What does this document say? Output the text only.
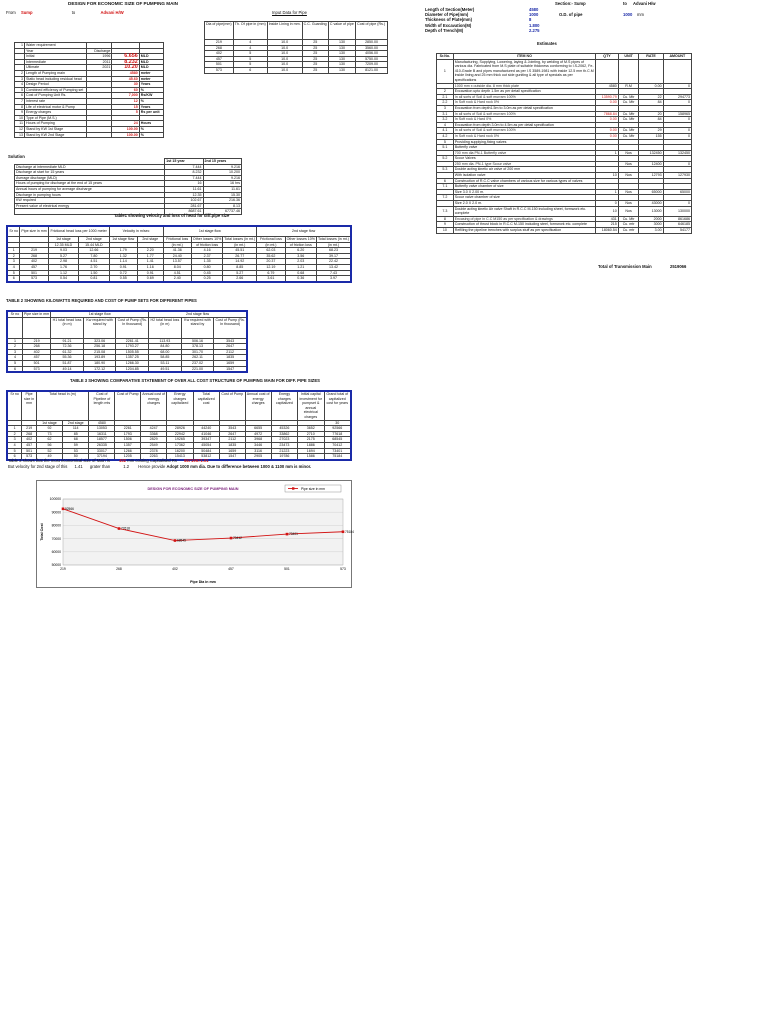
DESIGN FOR ECONOMIC SIZE OF PUMPING MAIN
From Sump	to	Advani H/W	Input Data for Pipe
Dia of pipe(mm)	Th. Of pipe in (mm)	Inside Lining in mm.	C.C. Guarding	C value of pipe	Cost of pipe (Rs.)
219	4	10.0	25	130	2850.00
268	4	10.0	25	130	3560.00
402	5	10.0	25	130	4056.00
457	5	10.0	25	130	5750.00
501	5	10.0	25	130	7209.00
573	6	10.0	25	130	8121.00
1	Water requirement			
	Year	Discharge		
	Initial	1996	6.656	MLD
	Intermediate	2011	8.232	MLD
	Ultimate	2021	10.20	MLD
2	Length of Pumping main		4580	meter
3	Static head including residual head		45.60	meter
4	Design Period		30	Years
5	Combined efficiency of Pumping set		60	%
6	Cost of Pumping Unit Rs.		7,000	Rs/KW
7	Interest rate		12	%
8	Life of electrical motor & Pump		15	Years
9	Energy charges		5	Rs per unit
10	Type of Pipe (M.S.)			
11	Hours of Pumping		24	Hours
12	Stand by KW 1st Stage		100.00	%
13	Stand by KW 2nd Stage		100.00	%
Solution
	1st 15 year	2nd 15 years
Discharge at intermediate MLD	7.444	9.216
Discharge at start for 15 years	8.232	10.200
Average discharge (MLD)	7.444	9.216
Hours of pumping for discharge at the end of 15 years	16	16 hrs
Annual hours of pumping for average discharge	11.61	11.61
Discharge in pumping hours	12.35	15.30
KW required	102.67	216.36
Present value of electrical energy	281.67	8.13
	8687.61	67737.46
Table1 showing velocity and loss of head for diff.pipe size
Sr no	Pipe size in mm	Frictional head loss per 1000 meter		Velocity in m/sec		1st stage flow			2nd stage flow		
		1st stage	2nd stage	1st stage flow	2nd stage	Frictional loss	Other losses 10%	Total losses (in mt.)	Frictional loss	Other losses 10%	Total losses (in mt.)
		12.35 MLD	15.44 MLD			(in mt.)	of friction loss	(in mt.)	(in mt.)	of friction loss	(in mt.)
1	219	9.03	12.66	1.79	2.20	41.36	4.16	45.51	62.03	6.20	68.23
2	268	5.27	7.80	1.32	1.77	24.40	2.37	26.77	35.62	3.56	39.17
3	402	2.98	4.51	1.14	1.41	13.57	1.35	14.92	20.37	2.03	22.42
4	457	1.76	2.70	0.91	1.16	8.04	0.80	8.85	12.19	1.21	13.42
5	501	1.12	1.50	0.72	0.91	4.51	0.45	5.27	6.79	0.68	7.43
6	573	0.54	0.81	0.55	0.69	2.40	0.25	2.66	3.61	0.36	3.97
TABLE 2 SHOWING KILOWATTS REQUIRED AND COST OF PUMP SETS FOR DIFFERENT PIPES
Sr no	Pipe size in mm	1st stage flow			2nd stage flow		
		H1 total head loss (in m)	Kw required with stand by	Cost of Pump (Rs. In thousand)	H2 total head loss (in m)	Kw required with stand by	Cost of Pump (Rs. In thousand)
1	219	91.21	323.06	2261.41	113.93	506.16	3543
2	268	72.36	256.18	1793.27	84.80	378.13	2647
3	402	61.32	215.08	1505.55	68.00	301.70	2112
4	457	55.36	193.89	1357.25	58.85	262.11	1835
5	501	51.87	180.90	1266.30	53.11	237.02	1659
6	573	49.14	172.12	1204.85	49.51	221.00	1547
TABLE 3 SHOWING COMPARATIVE STATEMENT OF OVER ALL COST STRUCTURE OF PUMPING MAIN FOR DIFF. PIPE SIZES
Sr no	Pipe size in mm	Total head in (m)		Cost of Pipeline of length mts	Cost of Pump	Annual cost of energy charges	Energy charges capitalized	Total capitalized cost	Cost of Pump	Annual cost of energy charges	Energy charges capitalized	Initial capital investment for pumpset & annual electrical charges	Grand total of capitalized cost for years
		1st stage	2nd stage	4580									30
1	219	92	114	13053	2261	4247	28926	44240	3543	6655	45326	3652	92566
2	268	73	85	16311	1793	3368	22942	41046	2647	4972	33862	2710	77618
3	402	62	68	18577	1506	2829	19265	39347	2112	3968	27023	2175	68545
4	457	56	59	26335	1357	2549	17362	45054	1835	3446	23473	1886	70412
5	501	52	53	33017	1266	2378	16200	50484	1659	3116	21223	1694	73401
6	573	49	50	37194	1205	2263	15413	53812	1547	2905	19786	1586	75184
Table 3 shows that the most economical size of Main is 402 mm costing Capitalised Rs 68719671.01
But velocity for 2nd stage of this 1.41 grater than	1.2 Hence provide Adopt 1000 mm dia. Due to difference between 1000 & 1100 mm is minor.
100000
90000
80000
70000
60000
50000
219	268	402	457	501	573
DESIGN FOR ECONOMIC SIZE OF PUMPING MAIN
Pipe Dia in mm
Total Cost
92566
77618
68545
70412
73401
75184
Pipe size in mm
Section:- Sump	to Advani H/w
Length of Section(Meter)	4580
Diameter of Pipe(mm)	1000	O.D. of pipe	1000 mm
Thickness of Plate(mm)	8
Width of Excavation(M)	1.800
Depth of Trench(M)	2.275
Estimates
Sr.No.	ITEM NO	QTY	UNIT	RATE	AMOUNT
1	Manufacturing, Supplying, Lowering, laying & Jointing, by welding of M.S pipes of various dia. Fabricated from M.S plate of suitable thickness conforming to I.S-2062, Fe-410-Grade B and pipes manufactured as per I.S 3589-1981 with inside 12.5 mm th.C.M inside lining and 25 mm thick out side guniting & all type of specials as per specifications				
	1000 mm x outside dia. 8 mm thick plate	4580	R.M	0.00	0
2	Excavation upto depth 1.5m as per detail specification				
2.1	In all sorts of Soil & soft murram 100%	13590.79	Cu. Mtr	22	294773
2.2	In Soft rock & Hard rock 0%	0.00	Cu. Mtr	84	0
3	Excavation from depth1.5m to 3.0m as per detail specification				
3.1	In all sorts of Soil & soft murram 100%	7868.84	Cu. Mtr	20	158965
3.2	In Soft rock & Hard 0%	0.00	Cu. Mtr	84	0
4	Excavation from depth 3.0m to 4.5m as per detail specification				
4.1	In all sorts of Soil & soft murram 100%	0.00	Cu. Mtr	29	0
4.2	In Soft rock & Hard rock 0%	0.00	Cu. Mtr	155	0
5	Providing supplying,fixing valves				
5.1	Butterfly valve				
	700 mm dia PN-1 Butterfly valve	1	Nos	132450	132450
5.2	Scour Valves				
	250 mm dia. PN-1 type Scour valve		Nos	12400	0
5.3	Double acting kinetic air valve of 200 mm				
	With isolation valve	10	Nos	12793	127930
6	Construction of R.C.C valve chambers of various size for various types of valves				
7.1	Butterfly valve chamber of size				
	Size 3.0 X 2.00 m.	1	Nos	65000	65000
7.2	Scour valve chamber of size				
	Size 2.0 X 2.0 m.	0	Nos	43000	0
7.3	Double acting kinetic Air valve Shaft in R.C.C M-150 including sheet, formwork etc. complete	10	Nos	13000	130000
8	Encasing of pipe in C.C M150 as per specification & drawings	431	Cu. Mtr	2000	861686
9	Construction of thrust block in R.C.C M-150 including steel, formwork etc. complete	215	Cu. mtr	3000	646185
10	Refilling the pipeline trenches with surplus stuff as per specification	18060.54	Cu. mtr	3.00	54177
Total of Transmission Main	2519066
